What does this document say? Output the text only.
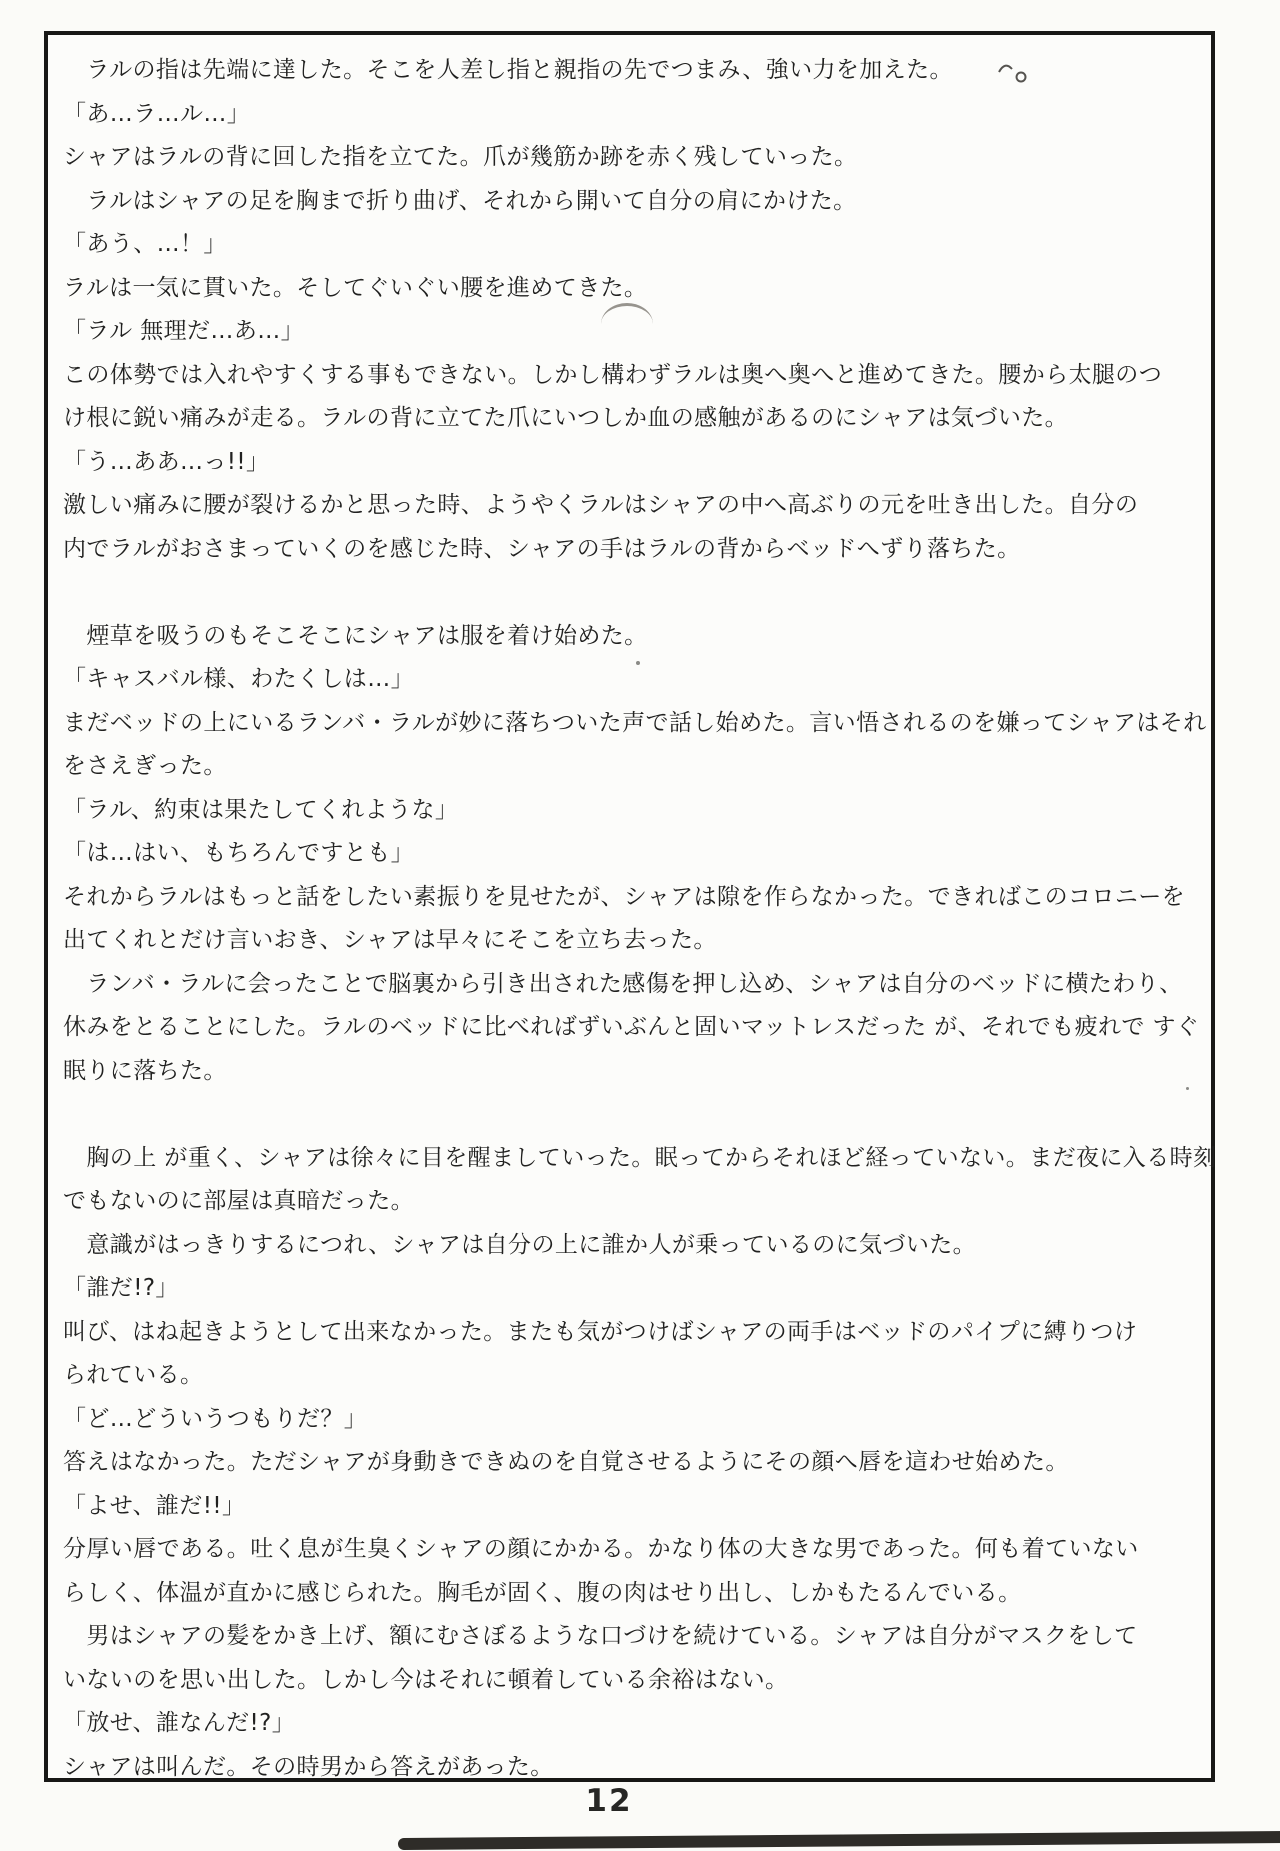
　ラルの指は先端に達した。そこを人差し指と親指の先でつまみ、強い力を加えた。
「あ…ラ…ル…」
シャアはラルの背に回した指を立てた。爪が幾筋か跡を赤く残していった。
　ラルはシャアの足を胸まで折り曲げ、それから開いて自分の肩にかけた。
「あう、…！」
ラルは一気に貫いた。そしてぐいぐい腰を進めてきた。
「ラル 無理だ…あ…」
この体勢では入れやすくする事もできない。しかし構わずラルは奥へ奥へと進めてきた。腰から太腿のつ
け根に鋭い痛みが走る。ラルの背に立てた爪にいつしか血の感触があるのにシャアは気づいた。
「う…ああ…っ!!」
激しい痛みに腰が裂けるかと思った時、ようやくラルはシャアの中へ高ぶりの元を吐き出した。自分の
内でラルがおさまっていくのを感じた時、シャアの手はラルの背からベッドへずり落ちた。
　煙草を吸うのもそこそこにシャアは服を着け始めた。
「キャスバル様、わたくしは…」
まだベッドの上にいるランバ・ラルが妙に落ちついた声で話し始めた。言い悟されるのを嫌ってシャアはそれ
をさえぎった。
「ラル、約束は果たしてくれような」
「は…はい、もちろんですとも」
それからラルはもっと話をしたい素振りを見せたが、シャアは隙を作らなかった。できればこのコロニーを
出てくれとだけ言いおき、シャアは早々にそこを立ち去った。
　ランバ・ラルに会ったことで脳裏から引き出された感傷を押し込め、シャアは自分のベッドに横たわり、
休みをとることにした。ラルのベッドに比べればずいぶんと固いマットレスだった が、それでも疲れで すぐ
眠りに落ちた。
　胸の上 が重く、シャアは徐々に目を醒ましていった。眠ってからそれほど経っていない。まだ夜に入る時刻
でもないのに部屋は真暗だった。
　意識がはっきりするにつれ、シャアは自分の上に誰か人が乗っているのに気づいた。
「誰だ!?」
叫び、はね起きようとして出来なかった。またも気がつけばシャアの両手はベッドのパイプに縛りつけ
られている。
「ど…どういうつもりだ？」
答えはなかった。ただシャアが身動きできぬのを自覚させるようにその顔へ唇を這わせ始めた。
「よせ、誰だ!!」
分厚い唇である。吐く息が生臭くシャアの顔にかかる。かなり体の大きな男であった。何も着ていない
らしく、体温が直かに感じられた。胸毛が固く、腹の肉はせり出し、しかもたるんでいる。
　男はシャアの髪をかき上げ、額にむさぼるような口づけを続けている。シャアは自分がマスクをして
いないのを思い出した。しかし今はそれに頓着している余裕はない。
「放せ、誰なんだ!?」
シャアは叫んだ。その時男から答えがあった。
12
